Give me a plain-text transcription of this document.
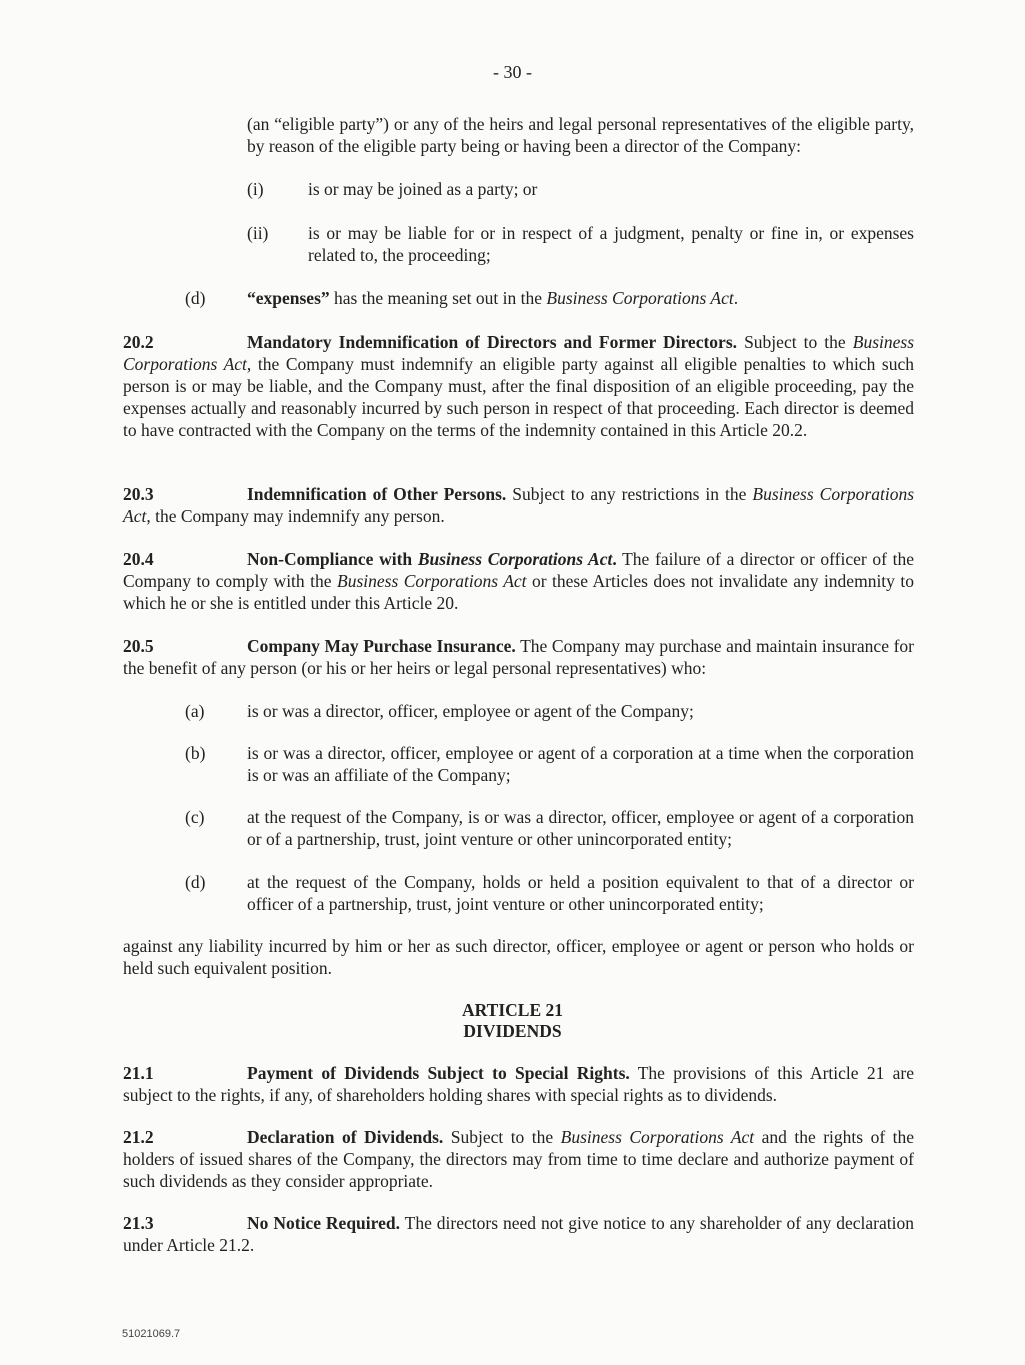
- 30 -
(an “eligible party”) or any of the heirs and legal personal representatives of the eligible party, by reason of the eligible party being or having been a director of the Company:
(i)	is or may be joined as a party; or
(ii) is or may be liable for or in respect of a judgment, penalty or fine in, or expenses related to, the proceeding;
(d) “expenses” has the meaning set out in the Business Corporations Act.
20.2	Mandatory Indemnification of Directors and Former Directors. Subject to the Business Corporations Act, the Company must indemnify an eligible party against all eligible penalties to which such person is or may be liable, and the Company must, after the final disposition of an eligible proceeding, pay the expenses actually and reasonably incurred by such person in respect of that proceeding. Each director is deemed to have contracted with the Company on the terms of the indemnity contained in this Article 20.2.
20.3	Indemnification of Other Persons. Subject to any restrictions in the Business Corporations Act, the Company may indemnify any person.
20.4	Non-Compliance with Business Corporations Act. The failure of a director or officer of the Company to comply with the Business Corporations Act or these Articles does not invalidate any indemnity to which he or she is entitled under this Article 20.
20.5	Company May Purchase Insurance. The Company may purchase and maintain insurance for the benefit of any person (or his or her heirs or legal personal representatives) who:
(a) is or was a director, officer, employee or agent of the Company;
(b) is or was a director, officer, employee or agent of a corporation at a time when the corporation is or was an affiliate of the Company;
(c) at the request of the Company, is or was a director, officer, employee or agent of a corporation or of a partnership, trust, joint venture or other unincorporated entity;
(d) at the request of the Company, holds or held a position equivalent to that of a director or officer of a partnership, trust, joint venture or other unincorporated entity;
against any liability incurred by him or her as such director, officer, employee or agent or person who holds or held such equivalent position.
ARTICLE 21
DIVIDENDS
21.1	Payment of Dividends Subject to Special Rights. The provisions of this Article 21 are subject to the rights, if any, of shareholders holding shares with special rights as to dividends.
21.2	Declaration of Dividends. Subject to the Business Corporations Act and the rights of the holders of issued shares of the Company, the directors may from time to time declare and authorize payment of such dividends as they consider appropriate.
21.3	No Notice Required. The directors need not give notice to any shareholder of any declaration under Article 21.2.
51021069.7
